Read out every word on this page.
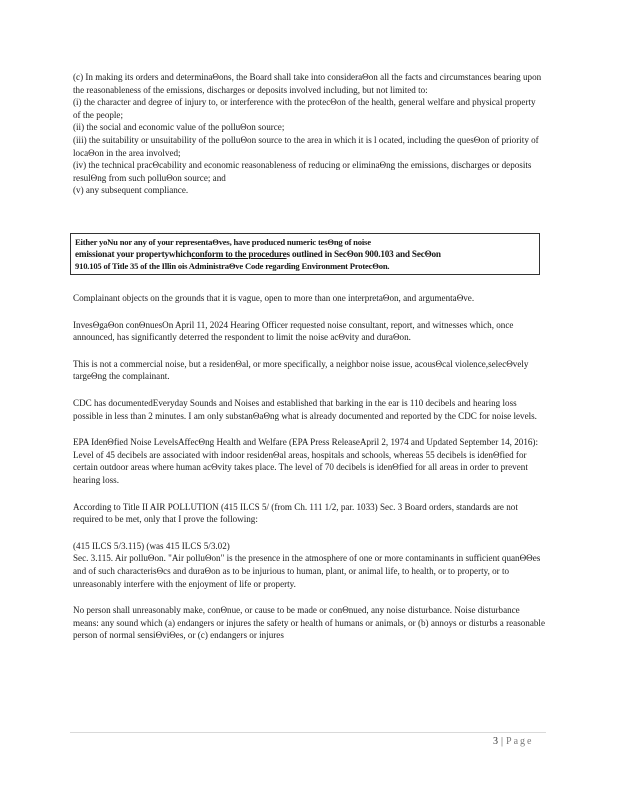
(c) In making its orders and determinaΘons, the Board shall take into consideraΘon all the facts and circumstances bearing upon the reasonableness of the emissions, discharges or deposits involved including, but not limited to:
(i) the character and degree of injury to, or interference with the protecΘon of the health, general welfare and physical property of the people;
(ii) the social and economic value of the polluΘon source;
(iii) the suitability or unsuitability of the polluΘon source to the area in which it is l ocated, including the quesΘon of priority of locaΘon in the area involved;
(iv) the technical pracΘcability and economic reasonableness of reducing or eliminaΘng the emissions, discharges or deposits resulΘng from such polluΘon source; and
(v) any subsequent compliance.
Either yoNu nor any of your representaΘves, have produced numeric tesΘng of noise
emissionat your propertywhichconform to the procedures outlined in SecΘon 900.103 and SecΘon
910.105 of Title 35 of the Illin ois AdministraΘve Code regarding Environment ProtecΘon.
Complainant objects on the grounds that it is vague, open to more than one interpretaΘon, and argumentaΘve.
InvesΘgaΘon conΘnuesOn April 11, 2024 Hearing Officer requested noise consultant, report, and witnesses which, once announced, has significantly deterred the respondent to limit the noise acΘvity and duraΘon.
This is not a commercial noise, but a residenΘal, or more specifically, a neighbor noise issue, acousΘcal violence,selecΘvely targeΘng the complainant.
CDC has documentedEveryday Sounds and Noises and established that barking in the ear is 110 decibels and hearing loss possible in less than 2 minutes. I am only substanΘaΘng what is already documented and reported by the CDC for noise levels.
EPA IdenΘfied Noise LevelsAffecΘng Health and Welfare (EPA Press ReleaseApril 2, 1974 and Updated September 14, 2016): Level of 45 decibels are associated with indoor residenΘal areas, hospitals and schools, whereas 55 decibels is idenΘfied for certain outdoor areas where human acΘvity takes place. The level of 70 decibels is idenΘfied for all areas in order to prevent hearing loss.
According to Title II AIR POLLUTION (415 ILCS 5/ (from Ch. 111 1/2, par. 1033) Sec. 3 Board orders, standards are not required to be met, only that I prove the following:
(415 ILCS 5/3.115) (was 415 ILCS 5/3.02)
Sec. 3.115. Air polluΘon. "Air polluΘon" is the presence in the atmosphere of one or more contaminants in sufficient quanΘΘes and of such characterisΘcs and duraΘon as to be injurious to human, plant, or animal life, to health, or to property, or to unreasonably interfere with the enjoyment of life or property.
No person shall unreasonably make, conΘnue, or cause to be made or conΘnued, any noise disturbance. Noise disturbance means: any sound which (a) endangers or injures the safety or health of humans or animals, or (b) annoys or disturbs a reasonable person of normal sensiΘviΘes, or (c) endangers or injures
3 | Page
